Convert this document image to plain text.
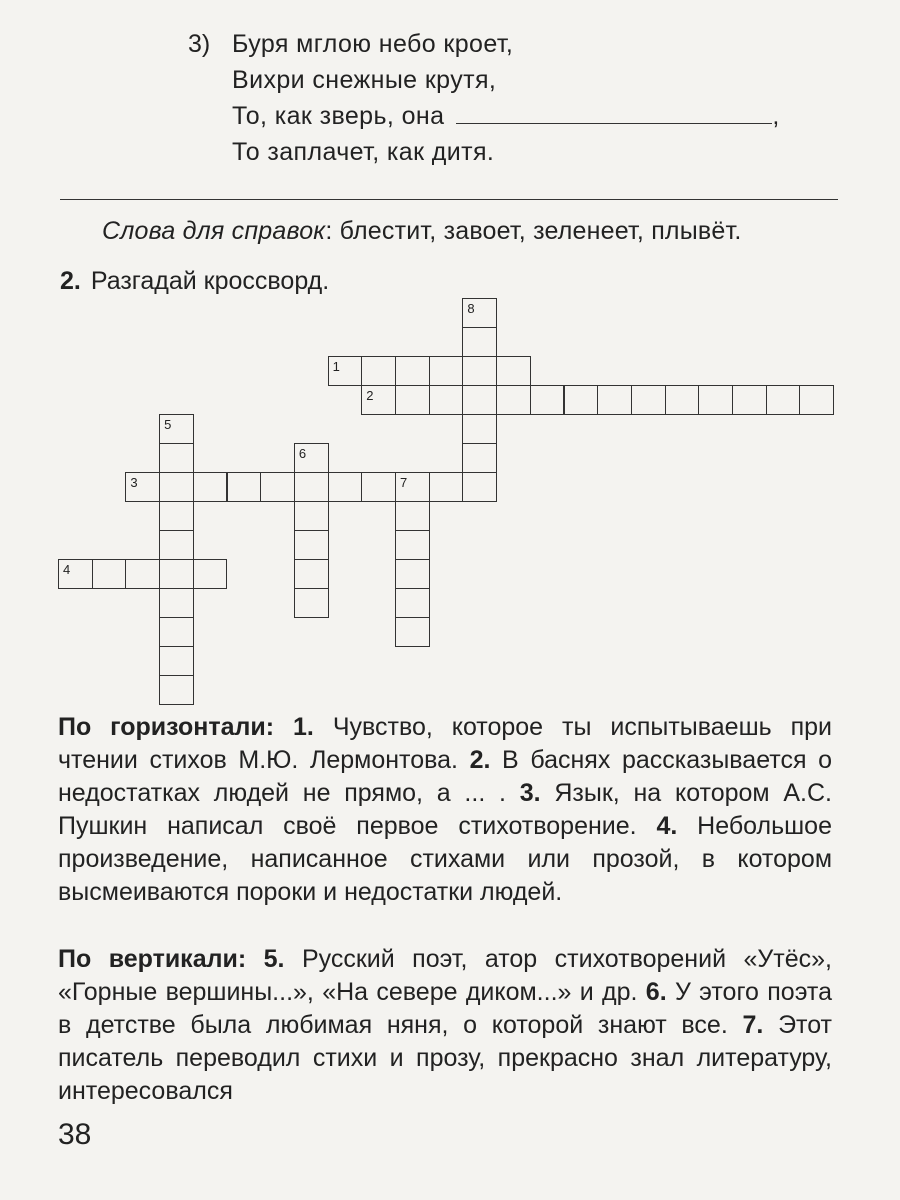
3) Буря мглою небо кроет,
Вихри снежные крутя,
То, как зверь, она	,
То заплачет, как дитя.
Слова для справок: блестит, завоет, зеленеет, плывёт.
2. Разгадай кроссворд.
8
1
2
5
6
3	7
4
По горизонтали: 1. Чувство, которое ты испытываешь при чтении стихов М.Ю. Лермонтова. 2. В баснях рассказывается о недостатках людей не прямо, а ... . 3. Язык, на котором А.С. Пушкин написал своё первое стихотворение. 4. Небольшое произведение, написанное стихами или прозой, в котором высмеиваются пороки и недостатки людей.
По вертикали: 5. Русский поэт, атор стихотворений «Утёс», «Горные вершины...», «На севере диком...» и др. 6. У этого поэта в детстве была любимая няня, о которой знают все. 7. Этот писатель переводил стихи и прозу, прекрасно знал литературу, интересовался
38
